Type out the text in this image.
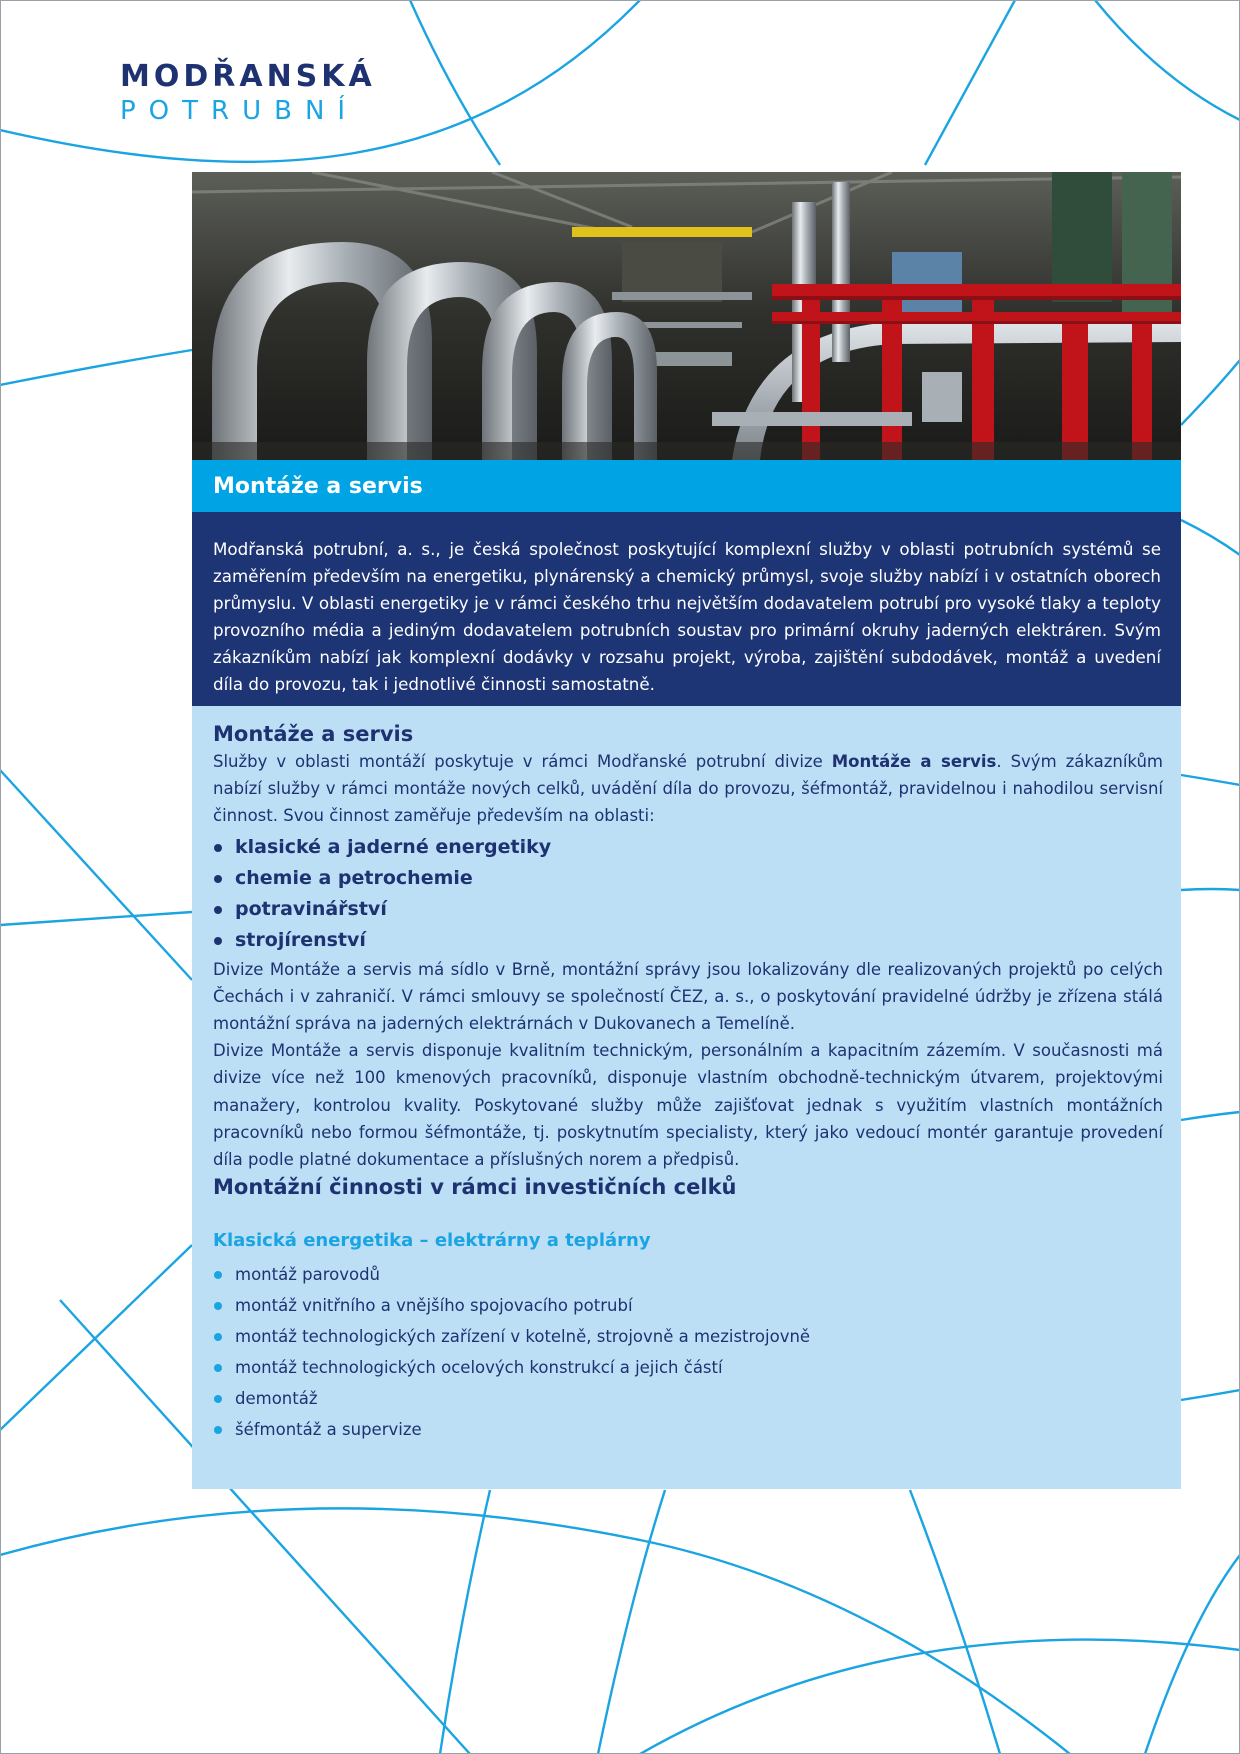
MODŘANSKÁ
POTRUBNÍ
Montáže a servis

Modřanská potrubní, a. s., je česká společnost poskytující komplexní služby v oblasti potrubních systémů se zaměřením především na energetiku, plynárenský a chemický průmysl, svoje služby nabízí i v ostatních oborech průmyslu. V oblasti energetiky je v rámci českého trhu největším dodavatelem potrubí pro vysoké tlaky a teploty provozního média a jediným dodavatelem potrubních soustav pro primární okruhy jaderných elektráren. Svým zákazníkům nabízí jak komplexní dodávky v rozsahu projekt, výroba, zajištění subdodávek, montáž a uvedení díla do provozu, tak i jednotlivé činnosti samostatně.

Montáže a servis

Služby v oblasti montáží poskytuje v rámci Modřanské potrubní divize Montáže a servis. Svým zákazníkům nabízí služby v rámci montáže nových celků, uvádění díla do provozu, šéfmontáž, pravidelnou i nahodilou servisní činnost. Svou činnost zaměřuje především na oblasti:

klasické a jaderné energetiky
chemie a petrochemie
potravinářství
strojírenství

Divize Montáže a servis má sídlo v Brně, montážní správy jsou lokalizovány dle realizovaných projektů po celých Čechách i v zahraničí. V rámci smlouvy se společností ČEZ, a. s., o poskytování pravidelné údržby je zřízena stálá montážní správa na jaderných elektrárnách v Dukovanech a Temelíně.

Divize Montáže a servis disponuje kvalitním technickým, personálním a kapacitním zázemím. V současnosti má divize více než 100 kmenových pracovníků, disponuje vlastním obchodně-technickým útvarem, projektovými manažery, kontrolou kvality. Poskytované služby může zajišťovat jednak s využitím vlastních montážních pracovníků nebo formou šéfmontáže, tj. poskytnutím specialisty, který jako vedoucí montér garantuje provedení díla podle platné dokumentace a příslušných norem a předpisů.

Montážní činnosti v rámci investičních celků
Klasická energetika – elektrárny a teplárny
montáž parovodů
montáž vnitřního a vnějšího spojovacího potrubí
montáž technologických zařízení v kotelně, strojovně a mezistrojovně
montáž technologických ocelových konstrukcí a jejich částí
demontáž
šéfmontáž a supervize
